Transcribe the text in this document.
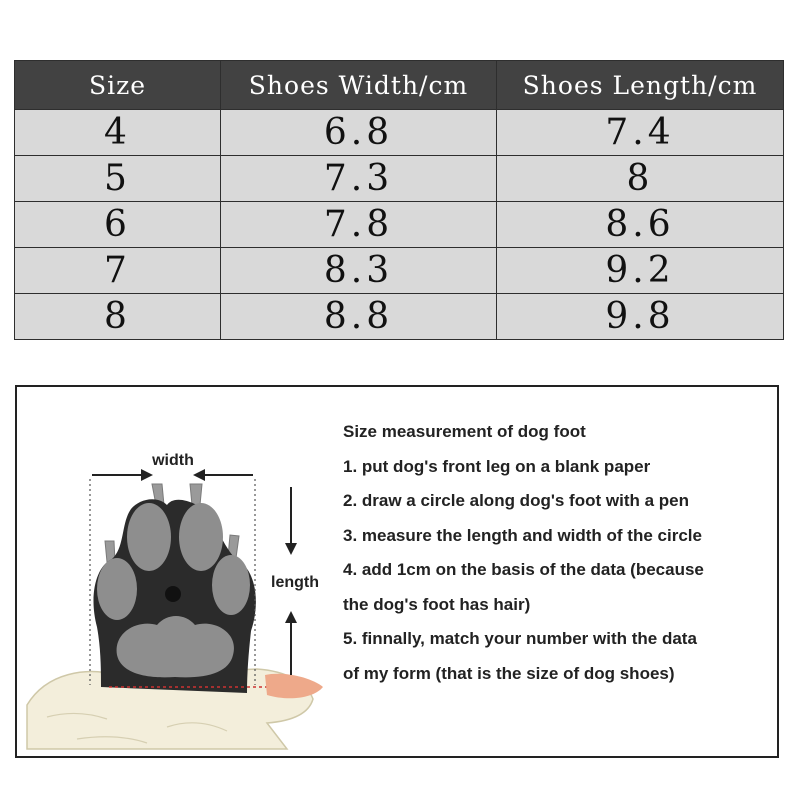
Size	Shoes Width/cm	Shoes Length/cm
4	6.8	7.4
5	7.3	8
6	7.8	8.6
7	8.3	9.2
8	8.8	9.8
width
length
Size measurement of dog foot
1. put dog's front leg on a blank paper
2. draw a circle along dog's foot with a pen
3. measure the length and width of the circle
4. add 1cm on the basis of the data (because
the dog's foot has hair)
5. finnally, match your number with the data
of my form (that is the size of dog shoes)
